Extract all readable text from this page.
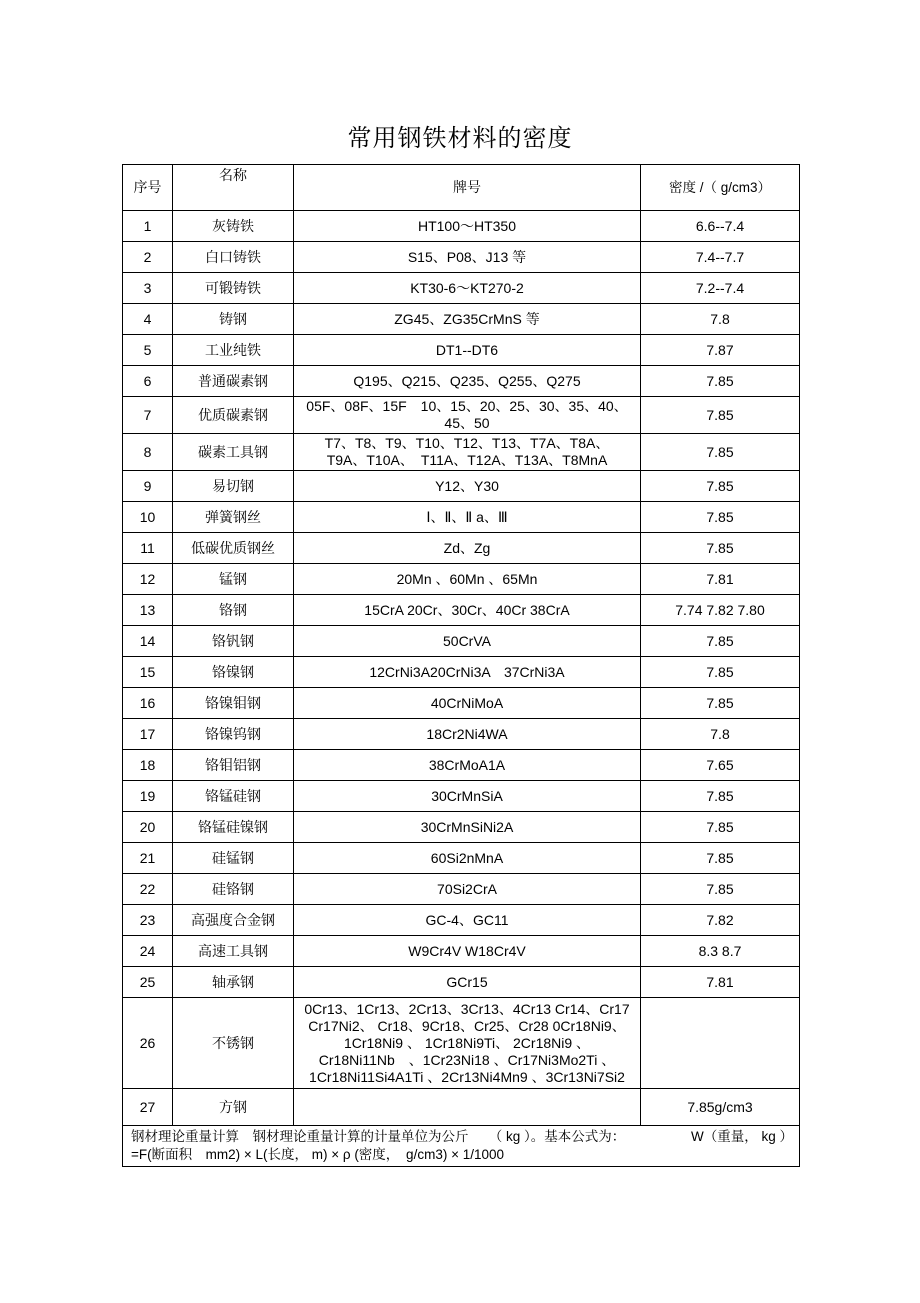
常用钢铁材料的密度
序号	名称	牌号	密度 /（ g/cm3）
1	灰铸铁	HT100～HT350	6.6--7.4
2	白口铸铁	S15、P08、J13 等	7.4--7.7
3	可锻铸铁	KT30-6～KT270-2	7.2--7.4
4	铸钢	ZG45、ZG35CrMnS 等	7.8
5	工业纯铁	DT1--DT6	7.87
6	普通碳素钢	Q195、Q215、Q235、Q255、Q275	7.85
7	优质碳素钢	05F、08F、15F　10、15、20、25、30、35、40、
45、50	7.85
8	碳素工具钢	T7、T8、T9、T10、T12、T13、T7A、T8A、
T9A、T10A、　T11A、T12A、T13A、T8MnA	7.85
9	易切钢	Y12、Y30	7.85
10	弹簧钢丝	Ⅰ、Ⅱ、Ⅱ a、Ⅲ	7.85
11	低碳优质钢丝	Zd、Zg	7.85
12	锰钢	20Mn 、60Mn 、65Mn	7.81
13	铬钢	15CrA 20Cr、30Cr、40Cr 38CrA	7.74 7.82 7.80
14	铬钒钢	50CrVA	7.85
15	铬镍钢	12CrNi3A20CrNi3A　37CrNi3A	7.85
16	铬镍钼钢	40CrNiMoA	7.85
17	铬镍钨钢	18Cr2Ni4WA	7.8
18	铬钼铝钢	38CrMoA1A	7.65
19	铬锰硅钢	30CrMnSiA	7.85
20	铬锰硅镍钢	30CrMnSiNi2A	7.85
21	硅锰钢	60Si2nMnA	7.85
22	硅铬钢	70Si2CrA	7.85
23	高强度合金钢	GC-4、GC11	7.82
24	高速工具钢	W9Cr4V W18Cr4V	8.3 8.7
25	轴承钢	GCr15	7.81
26	不锈钢	0Cr13、1Cr13、2Cr13、3Cr13、4Cr13 Cr14、Cr17
Cr17Ni2、 Cr18、9Cr18、Cr25、Cr28 0Cr18Ni9、
1Cr18Ni9 、 1Cr18Ni9Ti、 2Cr18Ni9 、
Cr18Ni11Nb　、1Cr23Ni18 、Cr17Ni3Mo2Ti 、
1Cr18Ni11Si4A1Ti 、2Cr13Ni4Mn9 、3Cr13Ni7Si2	

27	方钢		7.85g/cm3

钢材理论重量计算　钢材理论重量计算的计量单位为公斤　　（ kg ）。基本公式为： W（重量， kg ）
=F(断面积　mm2) × L(长度， m) × ρ (密度，　g/cm3) × 1/1000			
